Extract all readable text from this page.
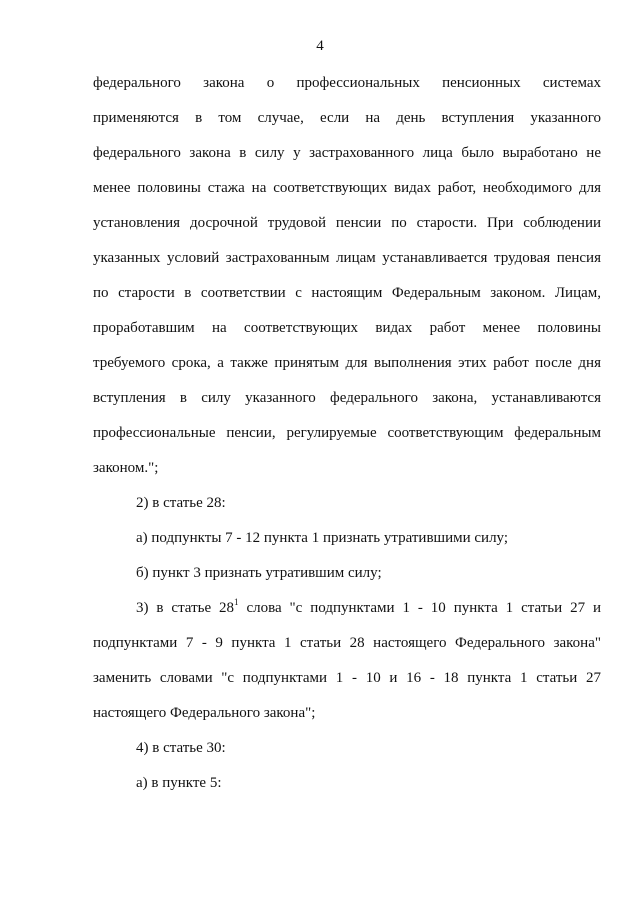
4
федерального закона о профессиональных пенсионных системах
применяются в том случае, если на день вступления указанного
федерального закона в силу у застрахованного лица было выработано не
менее половины стажа на соответствующих видах работ, необходимого для
установления досрочной трудовой пенсии по старости. При соблюдении
указанных условий застрахованным лицам устанавливается трудовая пенсия
по старости в соответствии с настоящим Федеральным законом. Лицам,
проработавшим на соответствующих видах работ менее половины
требуемого срока, а также принятым для выполнения этих работ после дня
вступления в силу указанного федерального закона, устанавливаются
профессиональные пенсии, регулируемые соответствующим федеральным
законом.";
2) в статье 28:
а) подпункты 7 - 12 пункта 1 признать утратившими силу;
б) пункт 3 признать утратившим силу;
3) в статье $28^1$ слова "с подпунктами 1 - 10 пункта 1 статьи 27 и
подпунктами 7 - 9 пункта 1 статьи 28 настоящего Федерального закона"
заменить словами "с подпунктами 1 - 10 и 16 - 18 пункта 1 статьи 27
настоящего Федерального закона";
4) в статье 30:
а) в пункте 5:
